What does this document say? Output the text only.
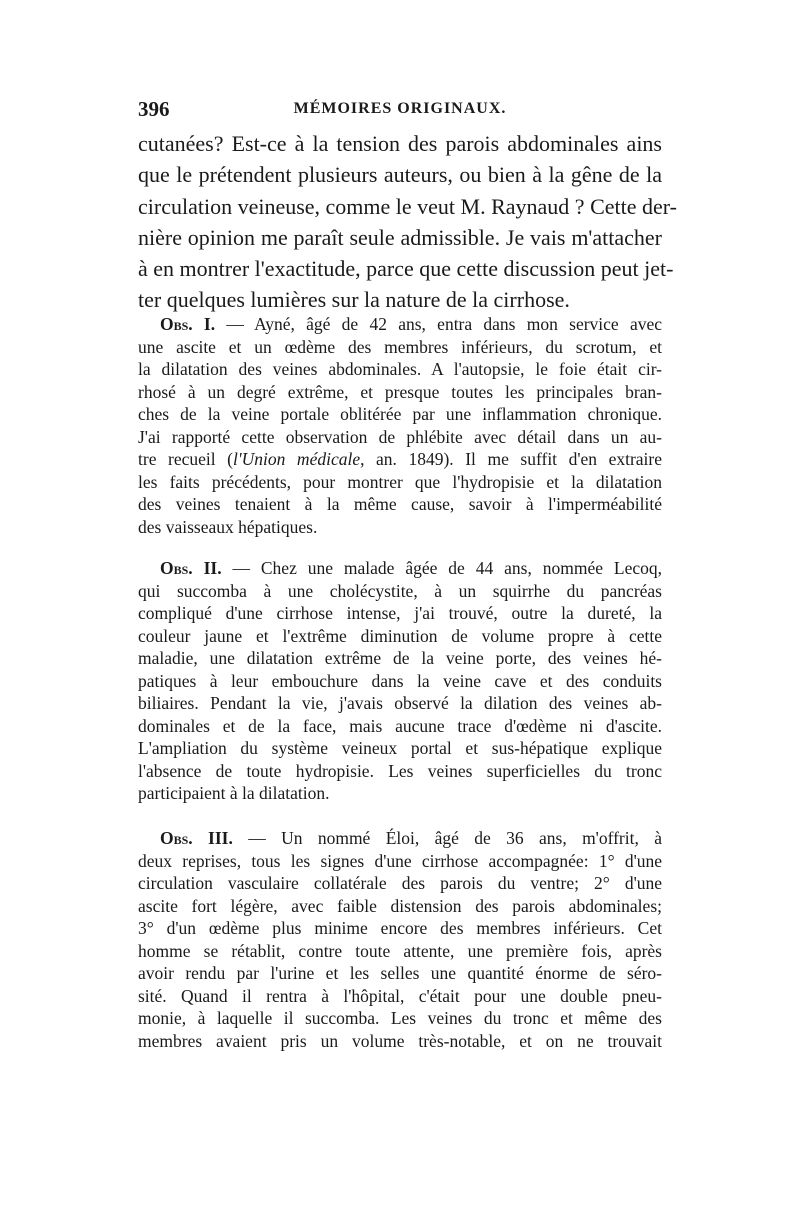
396	MÉMOIRES ORIGINAUX.
cutanées? Est-ce à la tension des parois abdominales ains
que le prétendent plusieurs auteurs, ou bien à la gêne de la
circulation veineuse, comme le veut M. Raynaud ? Cette der-
nière opinion me paraît seule admissible. Je vais m'attacher
à en montrer l'exactitude, parce que cette discussion peut jet-
ter quelques lumières sur la nature de la cirrhose.
Obs. I. — Ayné, âgé de 42 ans, entra dans mon service avec
une ascite et un œdème des membres inférieurs, du scrotum, et
la dilatation des veines abdominales. A l'autopsie, le foie était cir-
rhosé à un degré extrême, et presque toutes les principales bran-
ches de la veine portale oblitérée par une inflammation chronique.
J'ai rapporté cette observation de phlébite avec détail dans un au-
tre recueil (l'Union médicale, an. 1849). Il me suffit d'en extraire
les faits précédents, pour montrer que l'hydropisie et la dilatation
des veines tenaient à la même cause, savoir à l'imperméabilité
des vaisseaux hépatiques.
Obs. II. — Chez une malade âgée de 44 ans, nommée Lecoq,
qui succomba à une cholécystite, à un squirrhe du pancréas
compliqué d'une cirrhose intense, j'ai trouvé, outre la dureté, la
couleur jaune et l'extrême diminution de volume propre à cette
maladie, une dilatation extrême de la veine porte, des veines hé-
patiques à leur embouchure dans la veine cave et des conduits
biliaires. Pendant la vie, j'avais observé la dilation des veines ab-
dominales et de la face, mais aucune trace d'œdème ni d'ascite.
L'ampliation du système veineux portal et sus-hépatique explique
l'absence de toute hydropisie. Les veines superficielles du tronc
participaient à la dilatation.
Obs. III. — Un nommé Éloi, âgé de 36 ans, m'offrit, à
deux reprises, tous les signes d'une cirrhose accompagnée: 1° d'une
circulation vasculaire collatérale des parois du ventre; 2° d'une
ascite fort légère, avec faible distension des parois abdominales;
3° d'un œdème plus minime encore des membres inférieurs. Cet
homme se rétablit, contre toute attente, une première fois, après
avoir rendu par l'urine et les selles une quantité énorme de séro-
sité. Quand il rentra à l'hôpital, c'était pour une double pneu-
monie, à laquelle il succomba. Les veines du tronc et même des
membres avaient pris un volume très-notable, et on ne trouvait
